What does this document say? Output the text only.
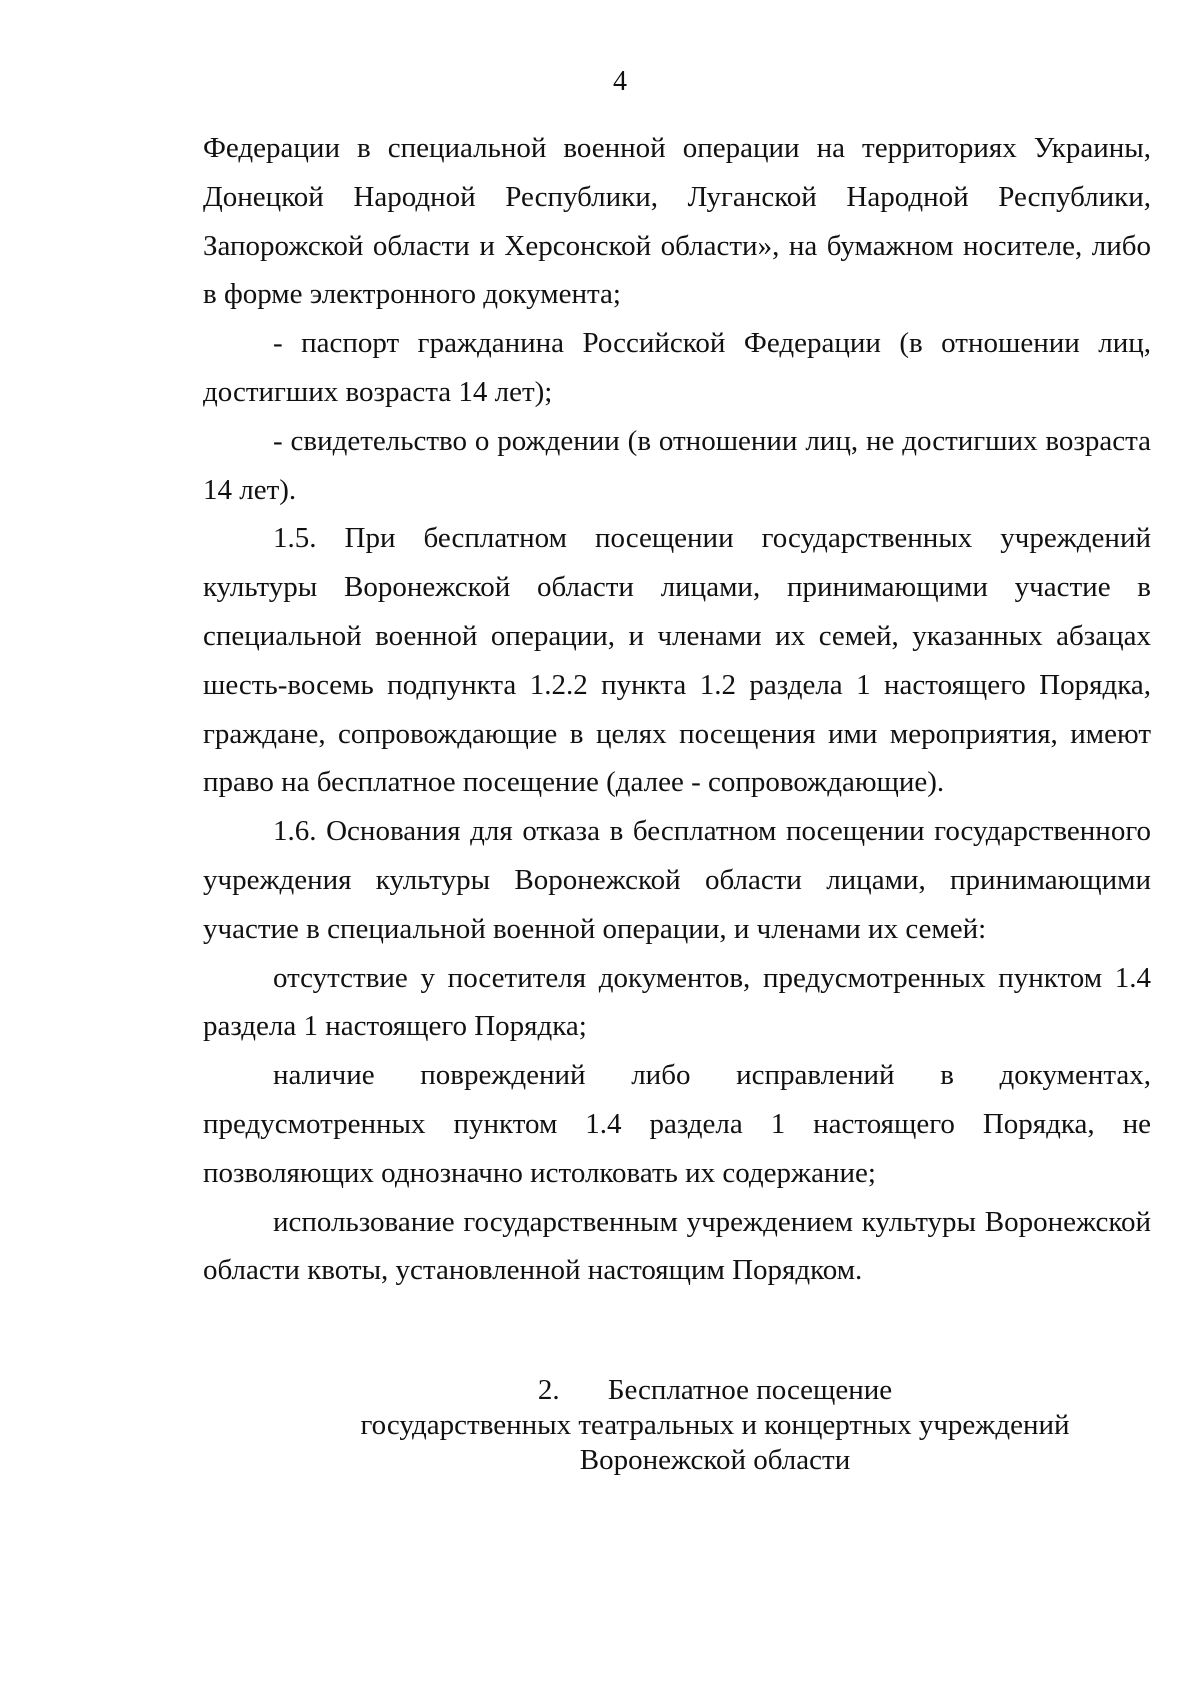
4

Федерации в специальной военной операции на территориях Украины, Донецкой Народной Республики, Луганской Народной Республики, Запорожской области и Херсонской области», на бумажном носителе, либо в форме электронного документа;

- паспорт гражданина Российской Федерации (в отношении лиц, достигших возраста 14 лет);

- свидетельство о рождении (в отношении лиц, не достигших возраста 14 лет).

1.5. При бесплатном посещении государственных учреждений культуры Воронежской области лицами, принимающими участие в специальной военной операции, и членами их семей, указанных абзацах шесть-восемь подпункта 1.2.2 пункта 1.2 раздела 1 настоящего Порядка, граждане, сопровождающие в целях посещения ими мероприятия, имеют право на бесплатное посещение (далее - сопровождающие).

1.6. Основания для отказа в бесплатном посещении государственного учреждения культуры Воронежской области лицами, принимающими участие в специальной военной операции, и членами их семей:

отсутствие у посетителя документов, предусмотренных пунктом 1.4 раздела 1 настоящего Порядка;

наличие повреждений либо исправлений в документах, предусмотренных пунктом 1.4 раздела 1 настоящего Порядка, не позволяющих однозначно истолковать их содержание;

использование государственным учреждением культуры Воронежской области квоты, установленной настоящим Порядком.

2. Бесплатное посещение
государственных театральных и концертных учреждений
Воронежской области
